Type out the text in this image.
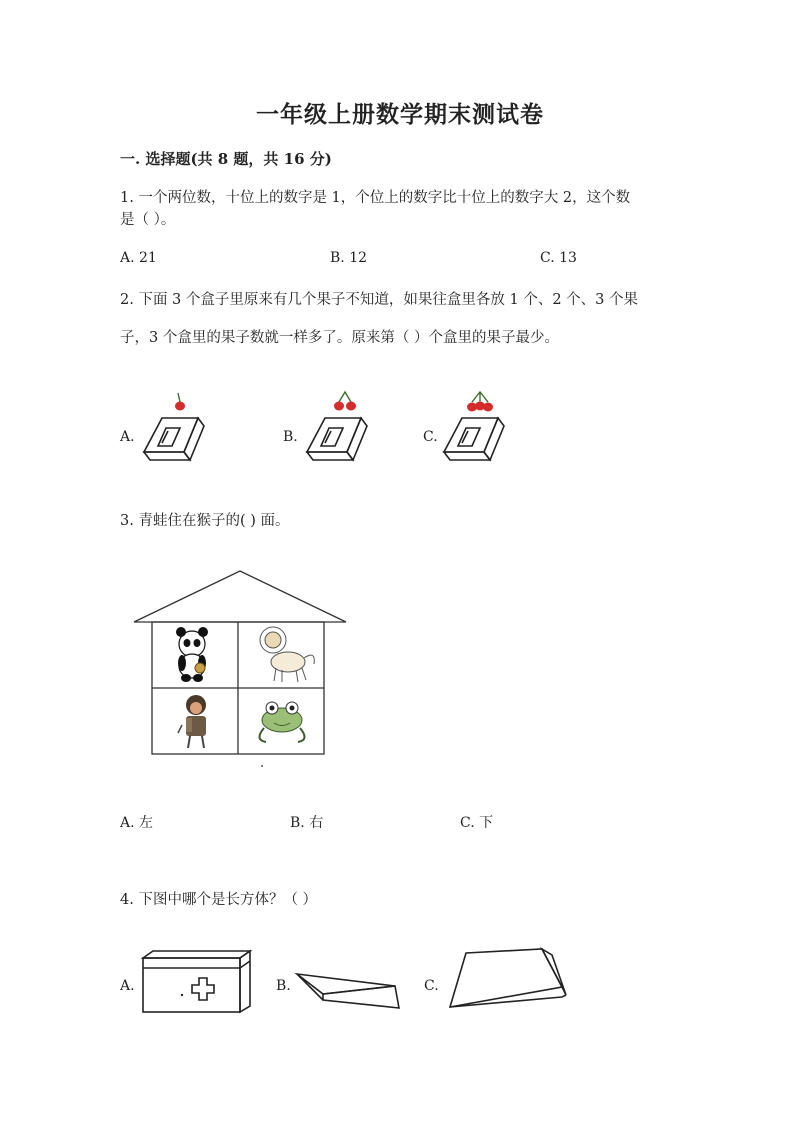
一年级上册数学期末测试卷
一. 选择题(共 8 题，共 16 分)
1. 一个两位数，十位上的数字是 1，个位上的数字比十位上的数字大 2，这个数
是（ ）。
A. 21	B. 12	C. 13
2. 下面 3 个盒子里原来有几个果子不知道，如果往盒里各放 1 个、2 个、3 个果
子，3 个盒里的果子数就一样多了。原来第（ ）个盒里的果子最少。
A.	B.	C.
3. 青蛙住在猴子的( ) 面。
A. 左	B. 右	C. 下
4. 下图中哪个是长方体？（ ）
A.	B.	C.
